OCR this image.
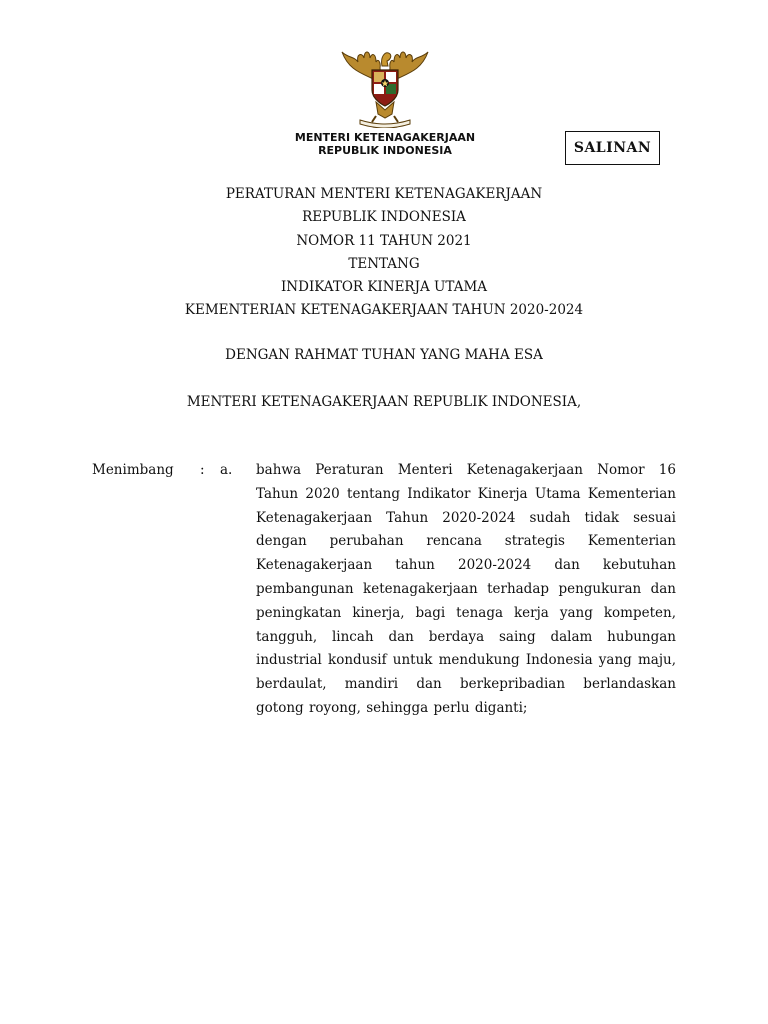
MENTERI KETENAGAKERJAAN
REPUBLIK INDONESIA	SALINAN
PERATURAN MENTERI KETENAGAKERJAAN
REPUBLIK INDONESIA
NOMOR 11 TAHUN 2021
TENTANG
INDIKATOR KINERJA UTAMA
KEMENTERIAN KETENAGAKERJAAN TAHUN 2020-2024
DENGAN RAHMAT TUHAN YANG MAHA ESA
MENTERI KETENAGAKERJAAN REPUBLIK INDONESIA,
Menimbang : a. bahwa Peraturan Menteri Ketenagakerjaan Nomor 16 Tahun 2020 tentang Indikator Kinerja Utama Kementerian Ketenagakerjaan Tahun 2020-2024 sudah tidak sesuai dengan perubahan rencana strategis Kementerian Ketenagakerjaan tahun 2020-2024 dan kebutuhan pembangunan ketenagakerjaan terhadap pengukuran dan peningkatan kinerja, bagi tenaga kerja yang kompeten, tangguh, lincah dan berdaya saing dalam hubungan industrial kondusif untuk mendukung Indonesia yang maju, berdaulat, mandiri dan berkepribadian berlandaskan gotong royong, sehingga perlu diganti;
